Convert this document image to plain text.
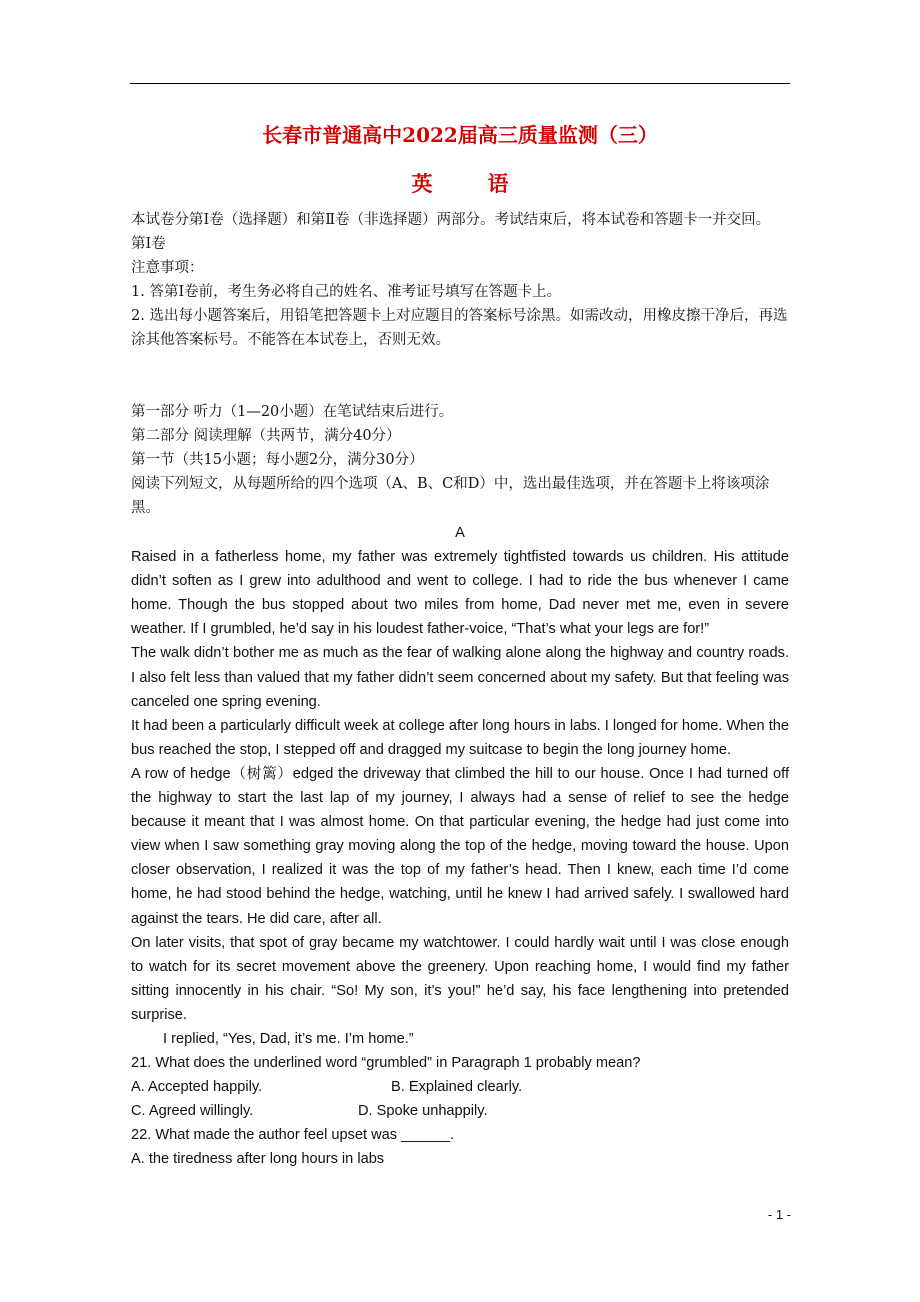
长春市普通高中2022届高三质量监测（三）
英	语

本试卷分第Ⅰ卷（选择题）和第Ⅱ卷（非选择题）两部分。考试结束后，将本试卷和答题卡一并交回。

第Ⅰ卷

注意事项：

1. 答第Ⅰ卷前，考生务必将自己的姓名、准考证号填写在答题卡上。

2. 选出每小题答案后，用铅笔把答题卡上对应题目的答案标号涂黑。如需改动，用橡皮擦干净后，再选涂其他答案标号。不能答在本试卷上，否则无效。

第一部分 听力（1—20小题）在笔试结束后进行。

第二部分 阅读理解（共两节，满分40分）

第一节（共15小题；每小题2分，满分30分）

阅读下列短文，从每题所给的四个选项（A、B、C和D）中，选出最佳选项，并在答题卡上将该项涂黑。

A

Raised in a fatherless home, my father was extremely tightfisted towards us children. His attitude didn’t soften as I grew into adulthood and went to college. I had to ride the bus whenever I came home. Though the bus stopped about two miles from home, Dad never met me, even in severe weather. If I grumbled, he’d say in his loudest father-voice, “That’s what your legs are for!”

The walk didn’t bother me as much as the fear of walking alone along the highway and country roads. I also felt less than valued that my father didn’t seem concerned about my safety. But that feeling was canceled one spring evening.

It had been a particularly difficult week at college after long hours in labs. I longed for home. When the bus reached the stop, I stepped off and dragged my suitcase to begin the long journey home.

A row of hedge（树篱）edged the driveway that climbed the hill to our house. Once I had turned off the highway to start the last lap of my journey, I always had a sense of relief to see the hedge because it meant that I was almost home. On that particular evening, the hedge had just come into view when I saw something gray moving along the top of the hedge, moving toward the house. Upon closer observation, I realized it was the top of my father’s head. Then I knew, each time I’d come home, he had stood behind the hedge, watching, until he knew I had arrived safely. I swallowed hard against the tears. He did care, after all.

On later visits, that spot of gray became my watchtower. I could hardly wait until I was close enough to watch for its secret movement above the greenery. Upon reaching home, I would find my father sitting innocently in his chair. “So! My son, it’s you!” he’d say, his face lengthening into pretended surprise.

I replied, “Yes, Dad, it’s me. I’m home.”

21. What does the underlined word “grumbled” in Paragraph 1 probably mean?

A. Accepted happily.	B. Explained clearly.
C. Agreed willingly.	D. Spoke unhappily.

22. What made the author feel upset was ______.

A. the tiredness after long hours in labs

- 1 -
